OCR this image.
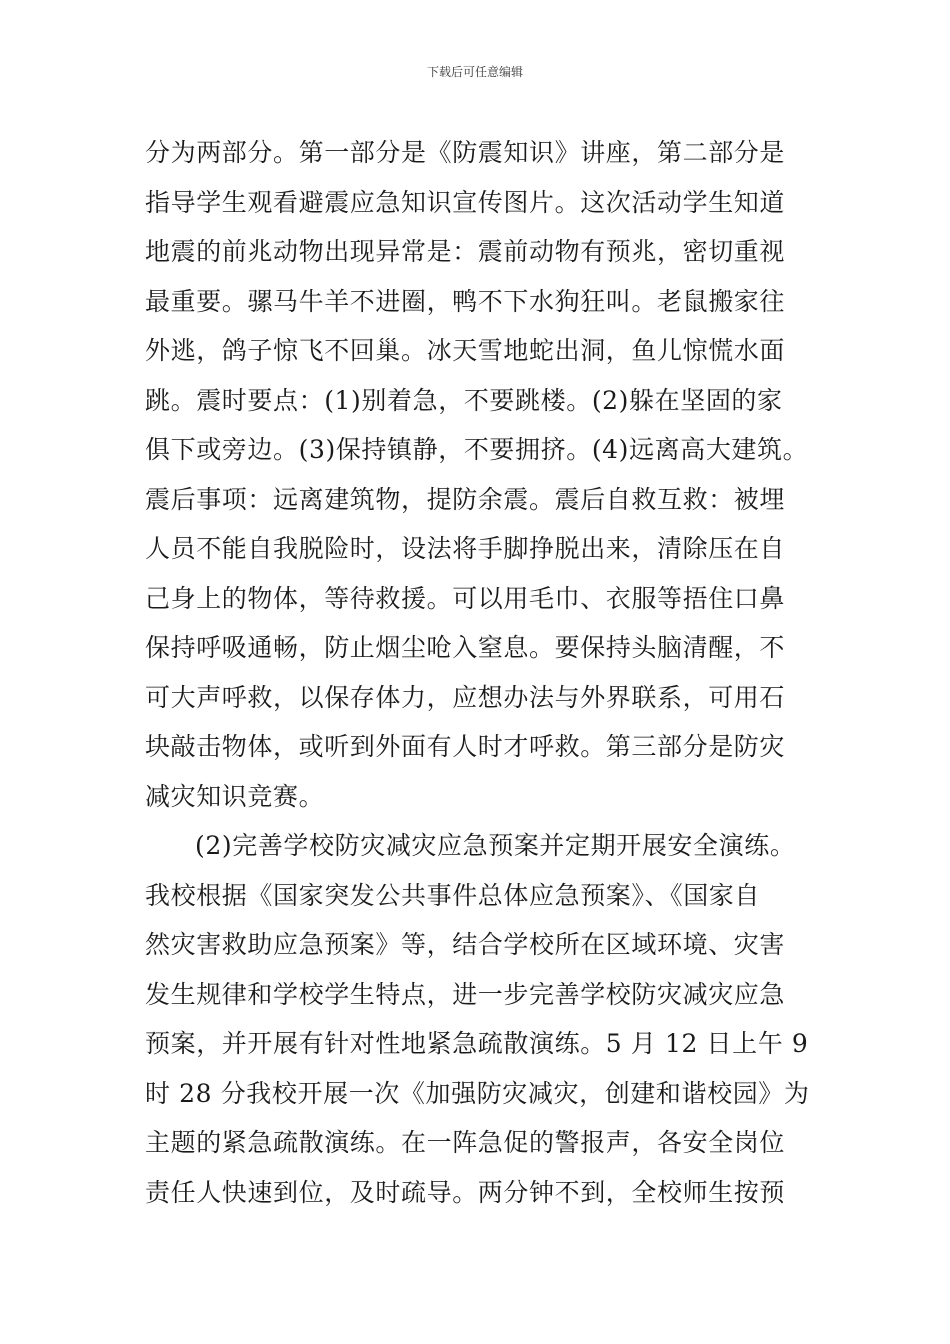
下载后可任意编辑
分为两部分。第一部分是《防震知识》讲座，第二部分是
指导学生观看避震应急知识宣传图片。这次活动学生知道
地震的前兆动物出现异常是：震前动物有预兆，密切重视
最重要。骡马牛羊不进圈，鸭不下水狗狂叫。老鼠搬家往
外逃，鸽子惊飞不回巢。冰天雪地蛇出洞，鱼儿惊慌水面
跳。震时要点：(1)别着急，不要跳楼。(2)躲在坚固的家
俱下或旁边。(3)保持镇静，不要拥挤。(4)远离高大建筑。
震后事项：远离建筑物，提防余震。震后自救互救：被埋
人员不能自我脱险时，设法将手脚挣脱出来，清除压在自
己身上的物体，等待救援。可以用毛巾、衣服等捂住口鼻
保持呼吸通畅，防止烟尘呛入窒息。要保持头脑清醒，不
可大声呼救，以保存体力，应想办法与外界联系，可用石
块敲击物体，或听到外面有人时才呼救。第三部分是防灾
减灾知识竞赛。
(2)完善学校防灾减灾应急预案并定期开展安全演练。
我校根据《国家突发公共事件总体应急预案》、《国家自
然灾害救助应急预案》等，结合学校所在区域环境、灾害
发生规律和学校学生特点，进一步完善学校防灾减灾应急
预案，并开展有针对性地紧急疏散演练。5 月 12 日上午 9
时 28 分我校开展一次《加强防灾减灾，创建和谐校园》为
主题的紧急疏散演练。在一阵急促的警报声，各安全岗位
责任人快速到位，及时疏导。两分钟不到，全校师生按预
